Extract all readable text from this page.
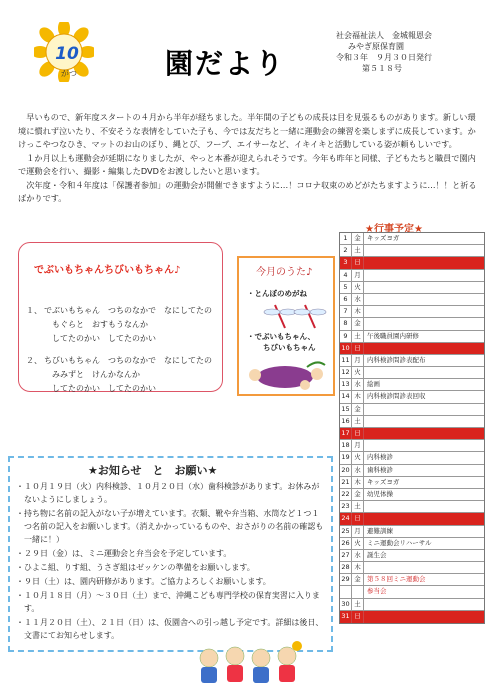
10
がつ	園だより
社会福祉法人　金城報恩会
みやぎ原保育園
令和３年　９月３０日発行
第５１８号

早いもので、新年度スタートの４月から半年が経ちました。半年間の子どもの成長は目を見張るものがあります。新しい環境に慣れず泣いたり、不安そうな表情をしていた子も、今では友だちと一緒に運動会の練習を楽しまずに成長しています。かけっこやつなひき、マットのお山のぼり、縄とび、フープ、エイサーなど、イキイキと活動している姿が頼もしいです。

１か月以上も運動会が延期になりましたが、やっと本番が迎えられそうです。今年も昨年と同様、子どもたちと職員で園内で運動会を行い、撮影・編集したDVDをお渡ししたいと思います。

次年度・令和４年度は「保護者参加」の運動会が開催できますように…！コロナ収束のめどがたちますように…！！と祈るばかりです。

でぶいもちゃんちびいもちゃん♪
１、 でぶいもちゃん　つちのなかで　なにしてたの
もぐらと　おすもうなんか
してたのかい　してたのかい
２、 ちびいもちゃん　つちのなかで　なにしてたの
みみずと　けんかなんか
してたのかい　してたのかい
今月のうた♪
・とんぼのめがね
・でぶいもちゃん、
ちびいもちゃん
★行事予定★
1	金 キッズヨガ
2	土
3	日
4	月
5	火
6	水
7	木
8	金
9	土 午後職員園内研修
10 日
11 月 内科検診問診表配布
12 火
13 水 絵画
14 木 内科検診問診表回収
15 金
16 土
17 日
18 月
19 火 内科検診
20 水 歯科検診
21 木 キッズヨガ
22 金 幼児体操
23 土
24 日
25 月 避難訓練
26 火 ミニ運動会リハーサル
27 水 誕生会
28 木
29 金 第５８回ミニ運動会
参当会
30 土
31 日
★お知らせ　と　お願い★
・１０月１９日（火）内科検診、１０月２０日（水）歯科検診があります。お休みがないようにしましょう。
・持ち物に名前の記入がない子が増えています。衣類、靴や弁当箱、水筒など１つ１つ名前の記入をお願いします。（消えかかっているものや、おさがりの名前の確認も一緒に！）
・２９日（金）は、ミニ運動会と弁当会を予定しています。
・ひよこ組、りす組、うさぎ組はゼッケンの準備をお願いします。
・９日（土）は、園内研修があります。ご協力よろしくお願いします。
・１０月１８日（月）～３０日（土）まで、沖縄こども専門学校の保育実習に入ります。
・１１月２０日（土）、２１日（日）は、仮園舎への引っ越し予定です。詳細は後日、文書にてお知らせします。
